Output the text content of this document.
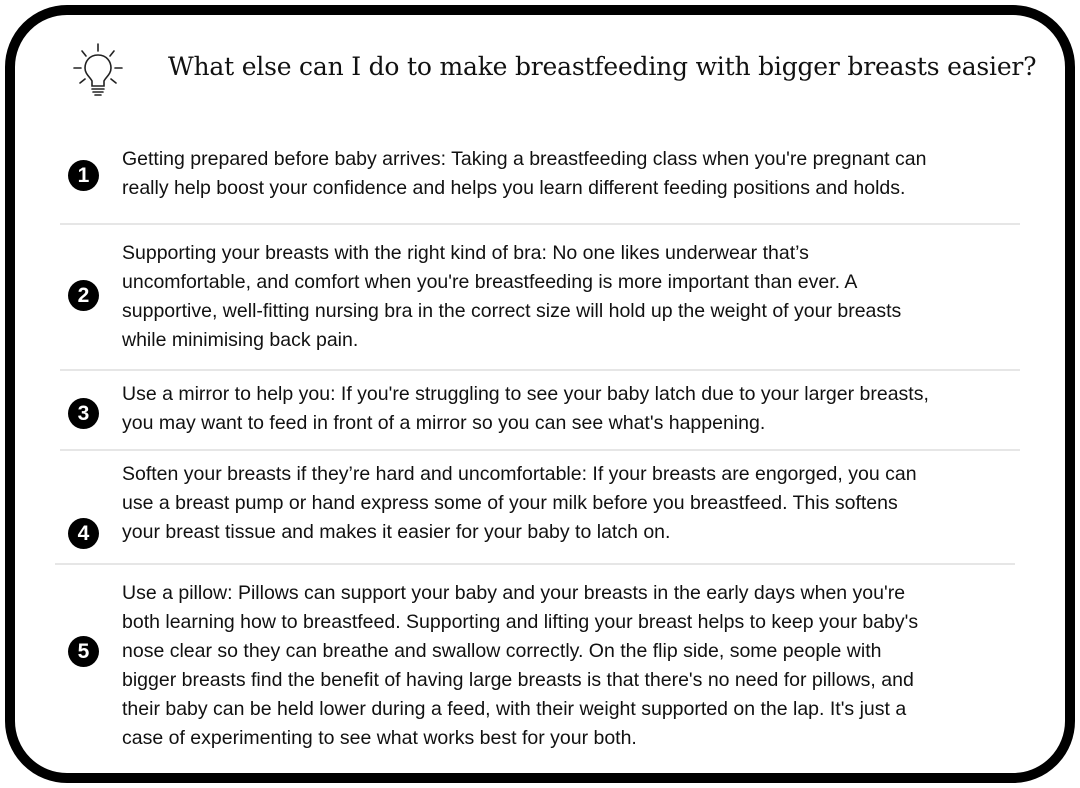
What else can I do to make breastfeeding with bigger breasts easier?
1
Getting prepared before baby arrives: Taking a breastfeeding class when you're pregnant can
really help boost your confidence and helps you learn different feeding positions and holds.
2
Supporting your breasts with the right kind of bra: No one likes underwear that’s
uncomfortable, and comfort when you're breastfeeding is more important than ever. A
supportive, well-fitting nursing bra in the correct size will hold up the weight of your breasts
while minimising back pain.
3
Use a mirror to help you: If you're struggling to see your baby latch due to your larger breasts,
you may want to feed in front of a mirror so you can see what's happening.
4
Soften your breasts if they’re hard and uncomfortable: If your breasts are engorged, you can
use a breast pump or hand express some of your milk before you breastfeed. This softens
your breast tissue and makes it easier for your baby to latch on.
5
Use a pillow: Pillows can support your baby and your breasts in the early days when you're
both learning how to breastfeed. Supporting and lifting your breast helps to keep your baby's
nose clear so they can breathe and swallow correctly. On the flip side, some people with
bigger breasts find the benefit of having large breasts is that there's no need for pillows, and
their baby can be held lower during a feed, with their weight supported on the lap. It's just a
case of experimenting to see what works best for your both.
